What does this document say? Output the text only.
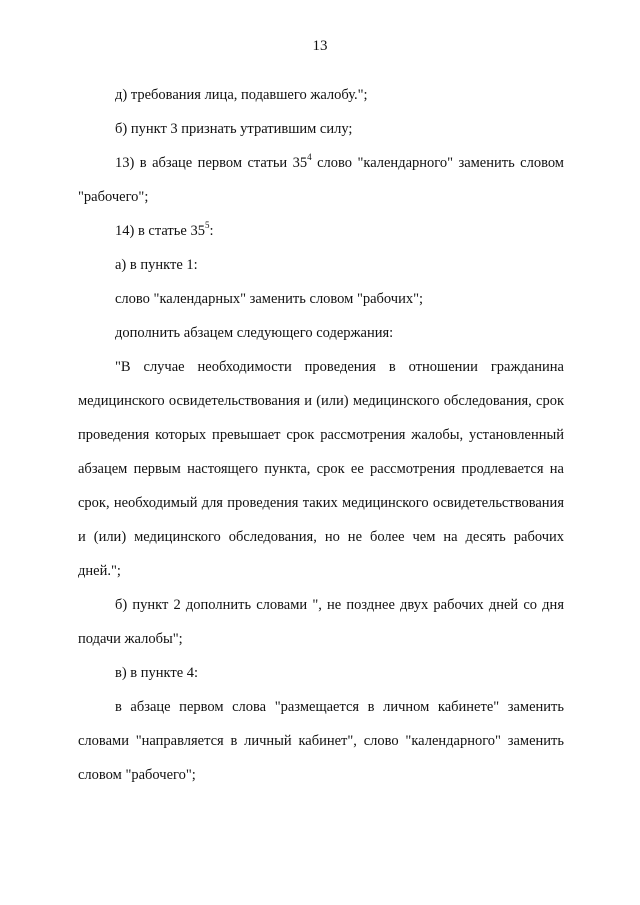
13

д) требования лица, подавшего жалобу.";

б) пункт 3 признать утратившим силу;

13) в абзаце первом статьи $35^4$ слово "календарного" заменить словом "рабочего";

14) в статье $35^5$:

а) в пункте 1:

слово "календарных" заменить словом "рабочих";

дополнить абзацем следующего содержания:

"В случае необходимости проведения в отношении гражданина медицинского освидетельствования и (или) медицинского обследования, срок проведения которых превышает срок рассмотрения жалобы, установленный абзацем первым настоящего пункта, срок ее рассмотрения продлевается на срок, необходимый для проведения таких медицинского освидетельствования и (или) медицинского обследования, но не более чем на десять рабочих дней.";

б) пункт 2 дополнить словами ", не позднее двух рабочих дней со дня подачи жалобы";

в) в пункте 4:

в абзаце первом слова "размещается в личном кабинете" заменить словами "направляется в личный кабинет", слово "календарного" заменить словом "рабочего";
